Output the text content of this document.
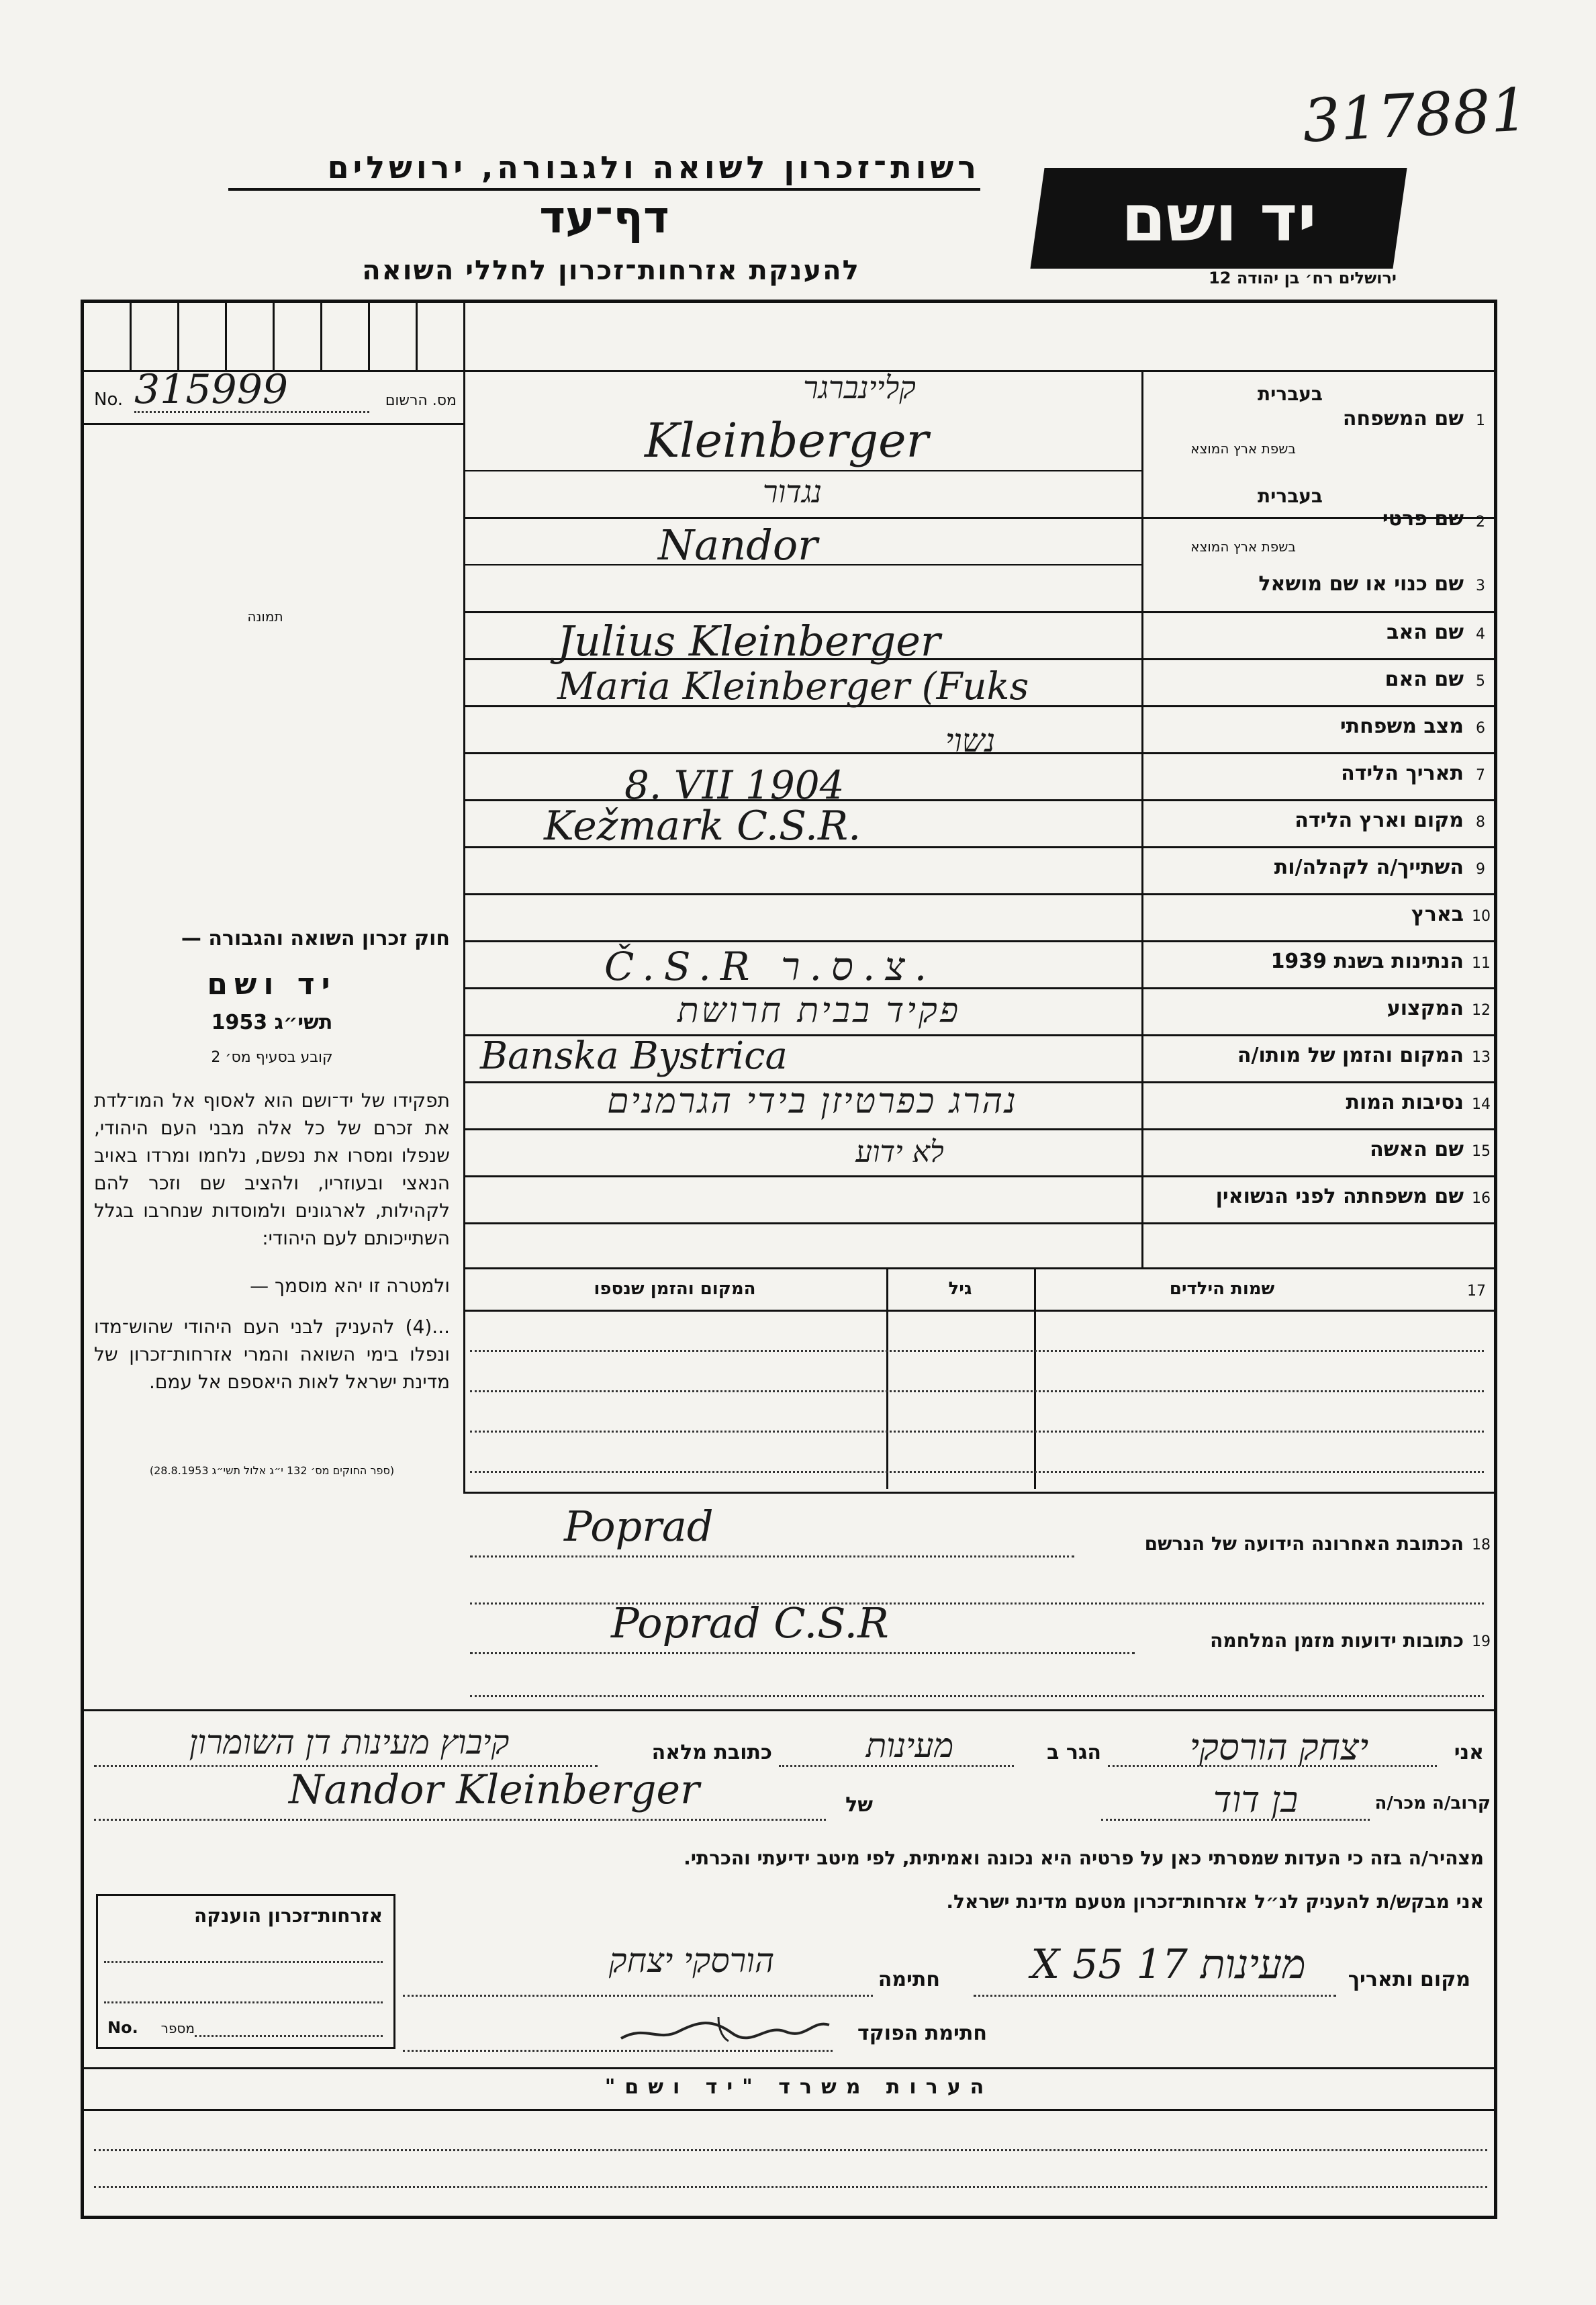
317881
רשות־זכרון לשואה ולגבורה, ירושלים
דף־עד
להענקת אזרחות־זכרון לחללי השואה
יד ושם
ירושלים רח׳ בן יהודה 12
No. 315999	מס. הרשום
תמונה
חוק זכרון השואה והגבורה —
יד ושם
תשי״ג 1953
קובע בסעיף מס׳ 2
תפקידו של יד־ושם הוא לאסוף אל המו־לדת את זכרם של כל אלה מבני העם היהודי, שנפלו ומסרו את נפשם, נלחמו ומרדו באויב הנאצי ובעוזריו, ולהציב שם וזכר להם לקהילות, לארגונים ולמוסדות שנחרבו בגלל השתייכותם לעם היהודי:
ולמטרה זו יהא מוסמך —
...(4) להעניק לבני העם היהודי שהוש־מדו ונפלו בימי השואה והמרי אזרחות־זכרון של מדינת ישראל לאות היאספם אל עמם.
(ספר החוקים מס׳ 132 י״ג אלול תשי״ג 28.8.1953)
בעברית
שם המשפחה 1
בשפת ארץ המוצא
קליינברגר
Kleinberger
בעברית
שם פרטי 2
בשפת ארץ המוצא
נגדור
Nandor
שם כנוי או שם מושאל 3
שם האב 4
Julius Kleinberger
שם האם 5
Maria Kleinberger (Fuks
מצב משפחתי 6
נשוי
תאריך הלידה 7
8. VII 1904
מקום וארץ הלידה 8
Kežmark C.S.R.
השתייך/ה לקהלה/ות 9
בארץ 10
הנתינות בשנת 1939 11
Č.S.R צ.ס.ר.
המקצוע 12
פקיד בבית חרושת
המקום והזמן של מותו/ה 13
Banska Bystrica
נסיבות המות 14
נהרג כפרטיזן בידי הגרמנים
שם האשה 15
לא ידוע
שם משפחתה לפני הנשואין 16
שמות הילדים	17
גיל
המקום והזמן שנספו
18
הכתובת האחרונה הידועה של הנרשם
Poprad
19
כתובות ידועות מזמן המלחמה
Poprad C.S.R
אני
יצחק הורסקי
הגר ב
מעינות
כתובת מלאה
קיבוץ מעינות דן השומרון
קרוב/ה מכר/ה
בן דוד
של
Nandor Kleinberger
מצהיר/ה בזה כי העדות שמסרתי כאן על פרטיה היא נכונה ואמיתית, לפי מיטב ידיעתי והכרתי.
אני מבקש/ת להעניק לנ״ל אזרחות־זכרון מטעם מדינת ישראל.
מקום ותאריך
מעינות 17 X 55
חתימה
הורסקי יצחק
חתימת הפוקד
אזרחות־זכרון הוענקה
No.	מספר
הערות משרד "יד ושם"
